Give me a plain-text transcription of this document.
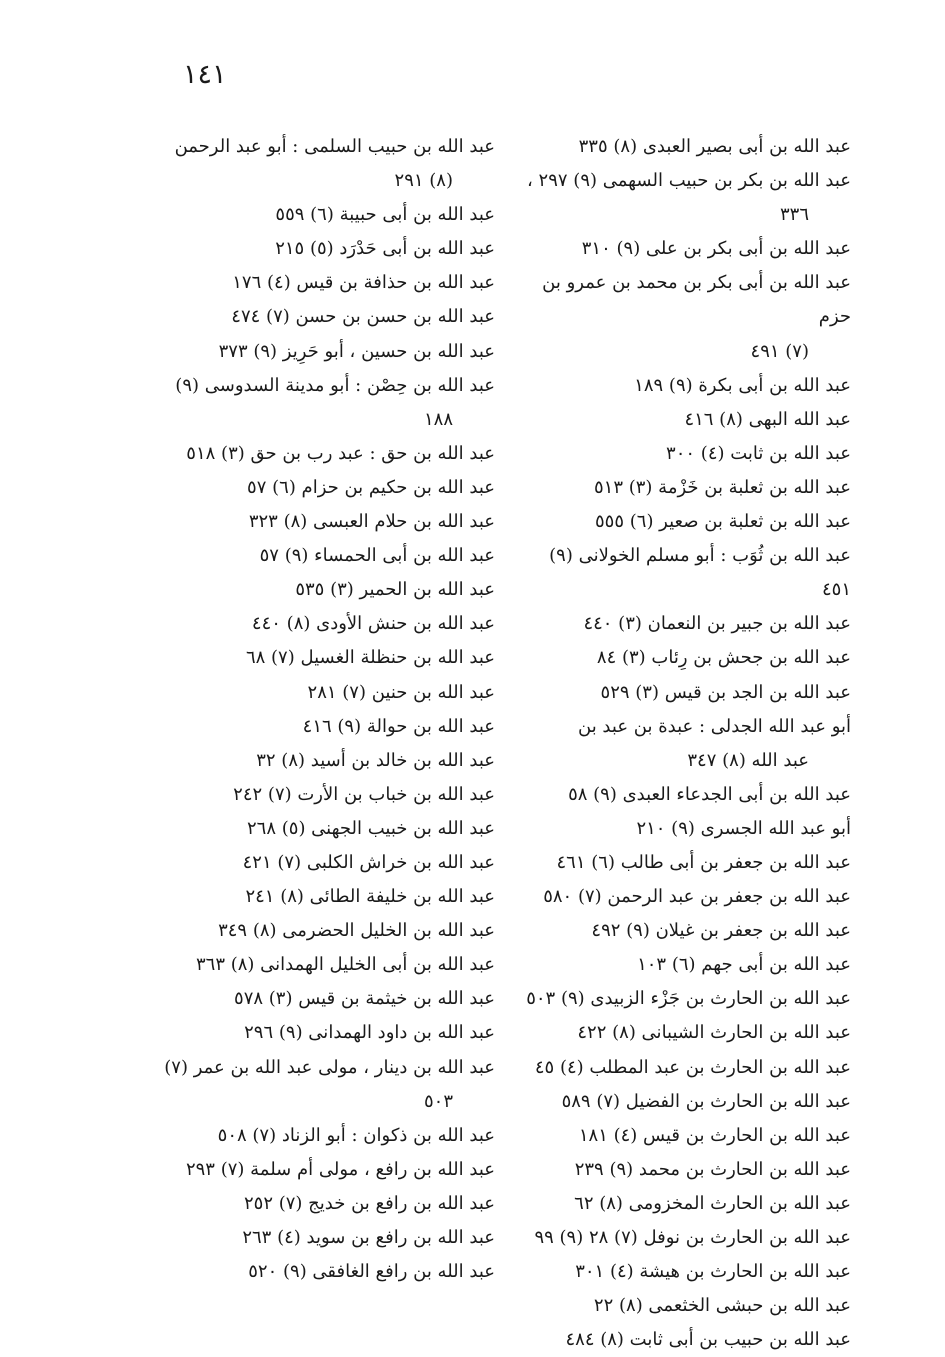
١٤١
عبد الله بن أبى بصير العبدى (٨) ٣٣٥
عبد الله بن بكر بن حبيب السهمى (٩) ٢٩٧ ،
٣٣٦
عبد الله بن أبى بكر بن على (٩) ٣١٠
عبد الله بن أبى بكر بن محمد بن عمرو بن حزم
(٧) ٤٩١
عبد الله بن أبى بكرة (٩) ١٨٩
عبد الله البهى (٨) ٤١٦
عبد الله بن ثابت (٤) ٣٠٠
عبد الله بن ثعلبة بن خَزْمة (٣) ٥١٣
عبد الله بن ثعلبة بن صعير (٦) ٥٥٥
عبد الله بن ثُوَب : أبو مسلم الخولانى (٩) ٤٥١
عبد الله بن جبير بن النعمان (٣) ٤٤٠
عبد الله بن جحش بن رِئاب (٣) ٨٤
عبد الله بن الجد بن قيس (٣) ٥٢٩
أبو عبد الله الجدلى : عبدة بن عبد بن
عبد الله (٨) ٣٤٧
عبد الله بن أبى الجدعاء العبدى (٩) ٥٨
أبو عبد الله الجسرى (٩) ٢١٠
عبد الله بن جعفر بن أبى طالب (٦) ٤٦١
عبد الله بن جعفر بن عبد الرحمن (٧) ٥٨٠
عبد الله بن جعفر بن غيلان (٩) ٤٩٢
عبد الله بن أبى جهم (٦) ١٠٣
عبد الله بن الحارث بن جَزْء الزبيدى (٩) ٥٠٣
عبد الله بن الحارث الشيبانى (٨) ٤٢٢
عبد الله بن الحارث بن عبد المطلب (٤) ٤٥
عبد الله بن الحارث بن الفضيل (٧) ٥٨٩
عبد الله بن الحارث بن قيس (٤) ١٨١
عبد الله بن الحارث بن محمد (٩) ٢٣٩
عبد الله بن الحارث المخزومى (٨) ٦٢
عبد الله بن الحارث بن نوفل (٧) ٢٨ (٩) ٩٩
عبد الله بن الحارث بن هيشة (٤) ٣٠١
عبد الله بن حبشى الخثعمى (٨) ٢٢
عبد الله بن حبيب بن أبى ثابت (٨) ٤٨٤
عبد الله بن حبيب السلمى : أبو عبد الرحمن
(٨) ٢٩١
عبد الله بن أبى حبيبة (٦) ٥٥٩
عبد الله بن أبى حَدْرَد (٥) ٢١٥
عبد الله بن حذافة بن قيس (٤) ١٧٦
عبد الله بن حسن بن حسن (٧) ٤٧٤
عبد الله بن حسين ، أبو حَرِيز (٩) ٣٧٣
عبد الله بن حِصْن : أبو مدينة السدوسى (٩)
١٨٨
عبد الله بن حق : عبد رب بن حق (٣) ٥١٨
عبد الله بن حكيم بن حزام (٦) ٥٧
عبد الله بن حلام العبسى (٨) ٣٢٣
عبد الله بن أبى الحمساء (٩) ٥٧
عبد الله بن الحمير (٣) ٥٣٥
عبد الله بن حنش الأودى (٨) ٤٤٠
عبد الله بن حنظلة الغسيل (٧) ٦٨
عبد الله بن حنين (٧) ٢٨١
عبد الله بن حوالة (٩) ٤١٦
عبد الله بن خالد بن أسيد (٨) ٣٢
عبد الله بن خباب بن الأرت (٧) ٢٤٢
عبد الله بن خبيب الجهنى (٥) ٢٦٨
عبد الله بن خراش الكلبى (٧) ٤٢١
عبد الله بن خليفة الطائى (٨) ٢٤١
عبد الله بن الخليل الحضرمى (٨) ٣٤٩
عبد الله بن أبى الخليل الهمدانى (٨) ٣٦٣
عبد الله بن خيثمة بن قيس (٣) ٥٧٨
عبد الله بن داود الهمدانى (٩) ٢٩٦
عبد الله بن دينار ، مولى عبد الله بن عمر (٧)
٥٠٣
عبد الله بن ذكوان : أبو الزناد (٧) ٥٠٨
عبد الله بن رافع ، مولى أم سلمة (٧) ٢٩٣
عبد الله بن رافع بن خديج (٧) ٢٥٢
عبد الله بن رافع بن سويد (٤) ٢٦٣
عبد الله بن رافع الغافقى (٩) ٥٢٠
